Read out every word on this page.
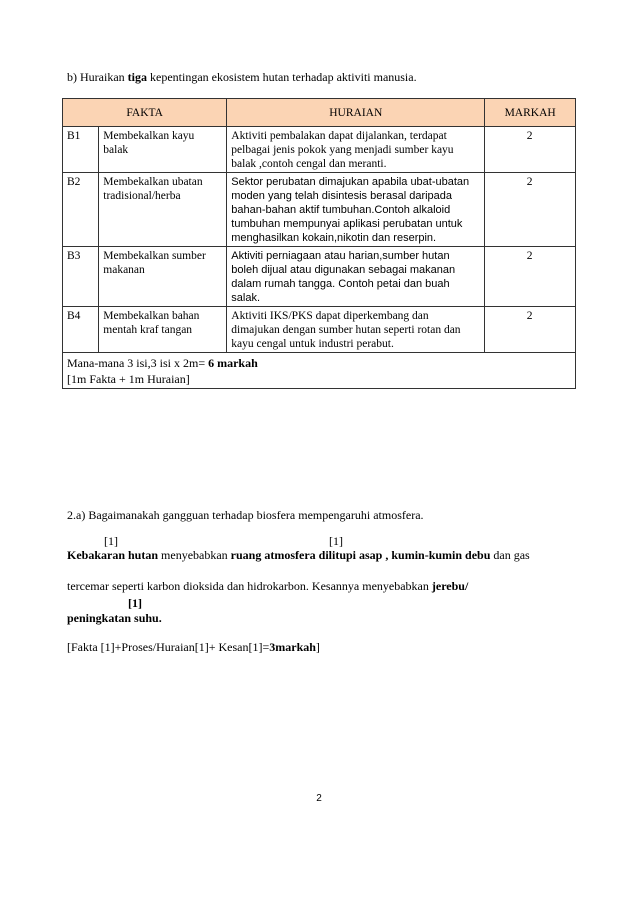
b) Huraikan tiga kepentingan ekosistem hutan terhadap aktiviti manusia.
FAKTA		HURAIAN	MARKAH
B1	Membekalkan kayu balak	Aktiviti pembalakan dapat dijalankan, terdapat pelbagai jenis pokok yang menjadi sumber kayu balak ,contoh cengal dan meranti.	2
B2	Membekalkan ubatan tradisional/herba	Sektor perubatan dimajukan apabila ubat-ubatan moden yang telah disintesis berasal daripada bahan-bahan aktif tumbuhan.Contoh alkaloid tumbuhan mempunyai aplikasi perubatan untuk menghasilkan kokain,nikotin dan reserpin.	2
B3	Membekalkan sumber makanan	Aktiviti perniagaan atau harian,sumber hutan boleh dijual atau digunakan sebagai makanan dalam rumah tangga. Contoh petai dan buah salak.	2
B4	Membekalkan bahan mentah kraf tangan	Aktiviti IKS/PKS dapat diperkembang dan dimajukan dengan sumber hutan seperti rotan dan kayu cengal untuk industri perabut.	2
Mana-mana 3 isi,3 isi x 2m= 6 markah
[1m Fakta + 1m Huraian]			
2.a) Bagaimanakah gangguan terhadap biosfera mempengaruhi atmosfera.
[1]	[1]
Kebakaran hutan menyebabkan ruang atmosfera dilitupi asap , kumin-kumin debu dan gas
tercemar seperti karbon dioksida dan hidrokarbon. Kesannya menyebabkan jerebu/
[1]
peningkatan suhu.
[Fakta [1]+Proses/Huraian[1]+ Kesan[1]=3markah]
2
